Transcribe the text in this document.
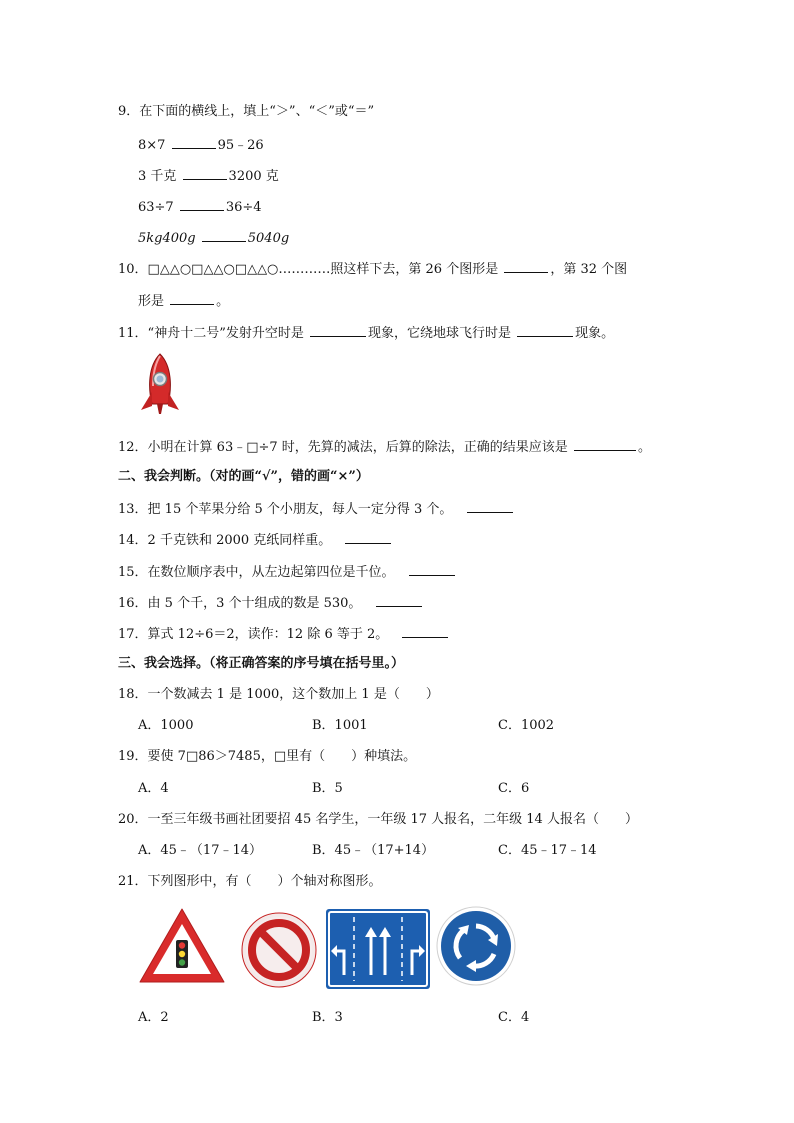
9．在下面的横线上，填上“＞”、“＜”或“＝”
8×7	95﹣26
3 千克	3200 克
63÷7	36÷4
5kg400g	5040g
10．□△△○□△△○□△△○…………照这样下去，第 26 个图形是	，第 32 个图
形是	。
11．“神舟十二号”发射升空时是	现象，它绕地球飞行时是	现象。
12．小明在计算 63﹣□÷7 时，先算的减法，后算的除法，正确的结果应该是	。
二、我会判断。（对的画“√”，错的画“×”）
13．把 15 个苹果分给 5 个小朋友，每人一定分得 3 个。
14．2 千克铁和 2000 克纸同样重。
15．在数位顺序表中，从左边起第四位是千位。
16．由 5 个千，3 个十组成的数是 530。
17．算式 12÷6＝2，读作：12 除 6 等于 2。
三、我会选择。（将正确答案的序号填在括号里。）
18．一个数减去 1 是 1000，这个数加上 1 是（　　）
A．1000	B．1001	C．1002
19．要使 7□86＞7485，□里有（　　）种填法。
A．4	B．5	C．6
20．一至三年级书画社团要招 45 名学生，一年级 17 人报名，二年级 14 人报名（　　）
A．45﹣（17﹣14）	B．45﹣（17+14）	C．45﹣17﹣14
21．下列图形中，有（　　）个轴对称图形。
A．2	B．3	C．4
